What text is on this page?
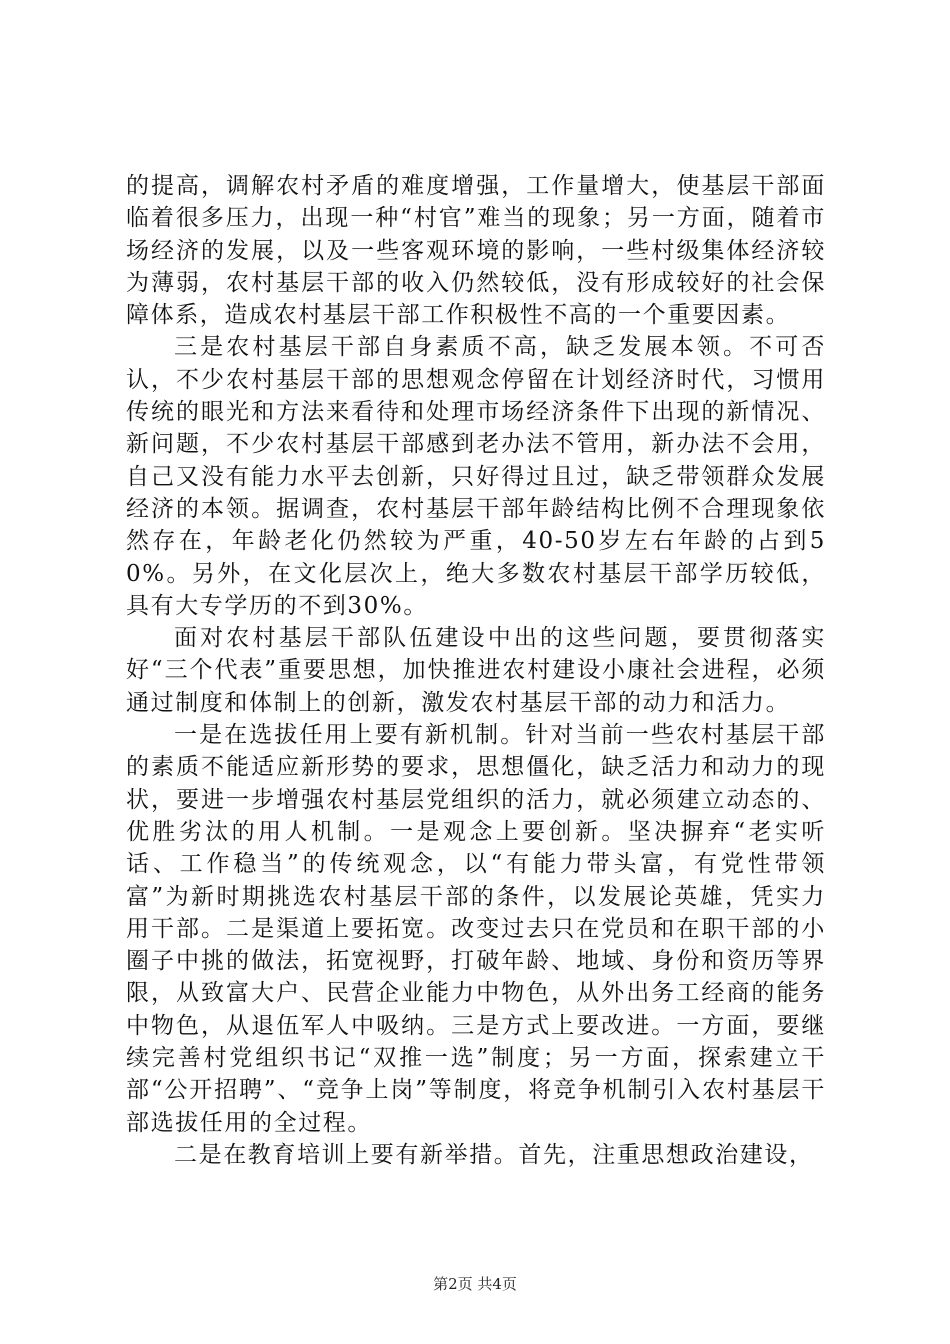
的提高，调解农村矛盾的难度增强，工作量增大，使基层干部面临着很多压力，出现一种“村官”难当的现象；另一方面，随着市场经济的发展，以及一些客观环境的影响，一些村级集体经济较为薄弱，农村基层干部的收入仍然较低，没有形成较好的社会保障体系，造成农村基层干部工作积极性不高的一个重要因素。

三是农村基层干部自身素质不高，缺乏发展本领。不可否认，不少农村基层干部的思想观念停留在计划经济时代，习惯用传统的眼光和方法来看待和处理市场经济条件下出现的新情况、新问题，不少农村基层干部感到老办法不管用，新办法不会用，自己又没有能力水平去创新，只好得过且过，缺乏带领群众发展经济的本领。据调查，农村基层干部年龄结构比例不合理现象依然存在，年龄老化仍然较为严重，40-50岁左右年龄的占到50%。另外，在文化层次上，绝大多数农村基层干部学历较低，具有大专学历的不到30%。

面对农村基层干部队伍建设中出的这些问题，要贯彻落实好“三个代表”重要思想，加快推进农村建设小康社会进程，必须通过制度和体制上的创新，激发农村基层干部的动力和活力。

一是在选拔任用上要有新机制。针对当前一些农村基层干部的素质不能适应新形势的要求，思想僵化，缺乏活力和动力的现状，要进一步增强农村基层党组织的活力，就必须建立动态的、优胜劣汰的用人机制。一是观念上要创新。坚决摒弃“老实听话、工作稳当”的传统观念，以“有能力带头富，有党性带领富”为新时期挑选农村基层干部的条件，以发展论英雄，凭实力用干部。二是渠道上要拓宽。改变过去只在党员和在职干部的小圈子中挑的做法，拓宽视野，打破年龄、地域、身份和资历等界限，从致富大户、民营企业能力中物色，从外出务工经商的能务中物色，从退伍军人中吸纳。三是方式上要改进。一方面，要继续完善村党组织书记“双推一选”制度；另一方面，探索建立干部“公开招聘”、“竞争上岗”等制度，将竞争机制引入农村基层干部选拔任用的全过程。

二是在教育培训上要有新举措。首先，注重思想政治建设，

第2页 共4页
